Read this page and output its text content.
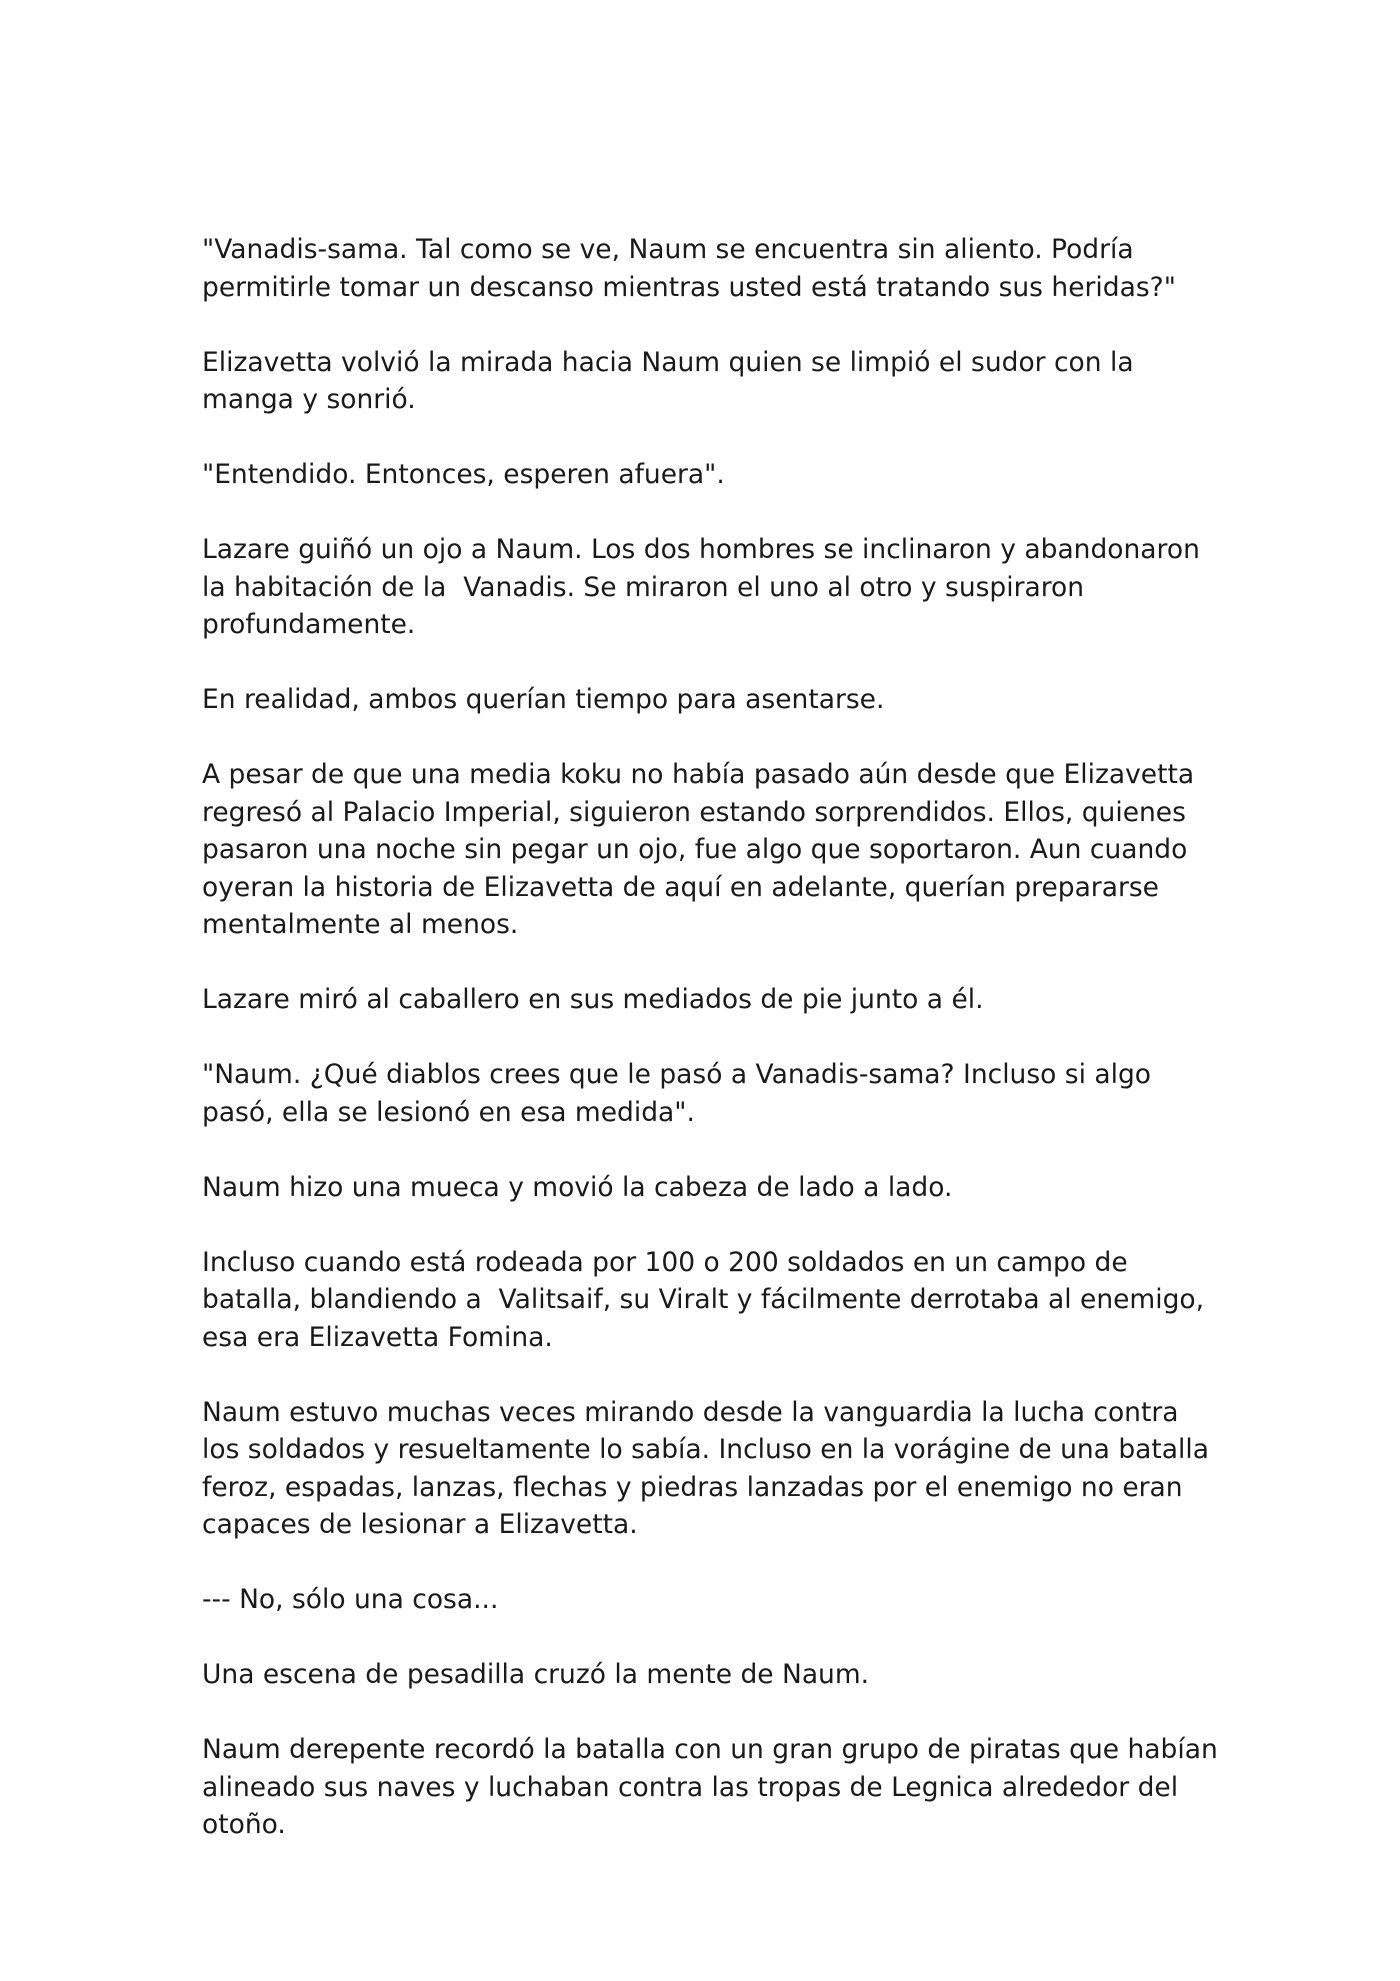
"Vanadis-sama. Tal como se ve, Naum se encuentra sin aliento. Podría permitirle tomar un descanso mientras usted está tratando sus heridas?"

Elizavetta volvió la mirada hacia Naum quien se limpió el sudor con la manga y sonrió.

"Entendido. Entonces, esperen afuera".

Lazare guiñó un ojo a Naum. Los dos hombres se inclinaron y abandonaron la habitación de la  Vanadis. Se miraron el uno al otro y suspiraron profundamente.

En realidad, ambos querían tiempo para asentarse.

A pesar de que una media koku no había pasado aún desde que Elizavetta regresó al Palacio Imperial, siguieron estando sorprendidos. Ellos, quienes pasaron una noche sin pegar un ojo, fue algo que soportaron. Aun cuando oyeran la historia de Elizavetta de aquí en adelante, querían prepararse mentalmente al menos.

Lazare miró al caballero en sus mediados de pie junto a él.

"Naum. ¿Qué diablos crees que le pasó a Vanadis-sama? Incluso si algo pasó, ella se lesionó en esa medida".

Naum hizo una mueca y movió la cabeza de lado a lado.

Incluso cuando está rodeada por 100 o 200 soldados en un campo de batalla, blandiendo a  Valitsaif, su Viralt y fácilmente derrotaba al enemigo, esa era Elizavetta Fomina.

Naum estuvo muchas veces mirando desde la vanguardia la lucha contra los soldados y resueltamente lo sabía. Incluso en la vorágine de una batalla feroz, espadas, lanzas, flechas y piedras lanzadas por el enemigo no eran capaces de lesionar a Elizavetta.

--- No, sólo una cosa...

Una escena de pesadilla cruzó la mente de Naum.

Naum derepente recordó la batalla con un gran grupo de piratas que habían alineado sus naves y luchaban contra las tropas de Legnica alrededor del otoño.
